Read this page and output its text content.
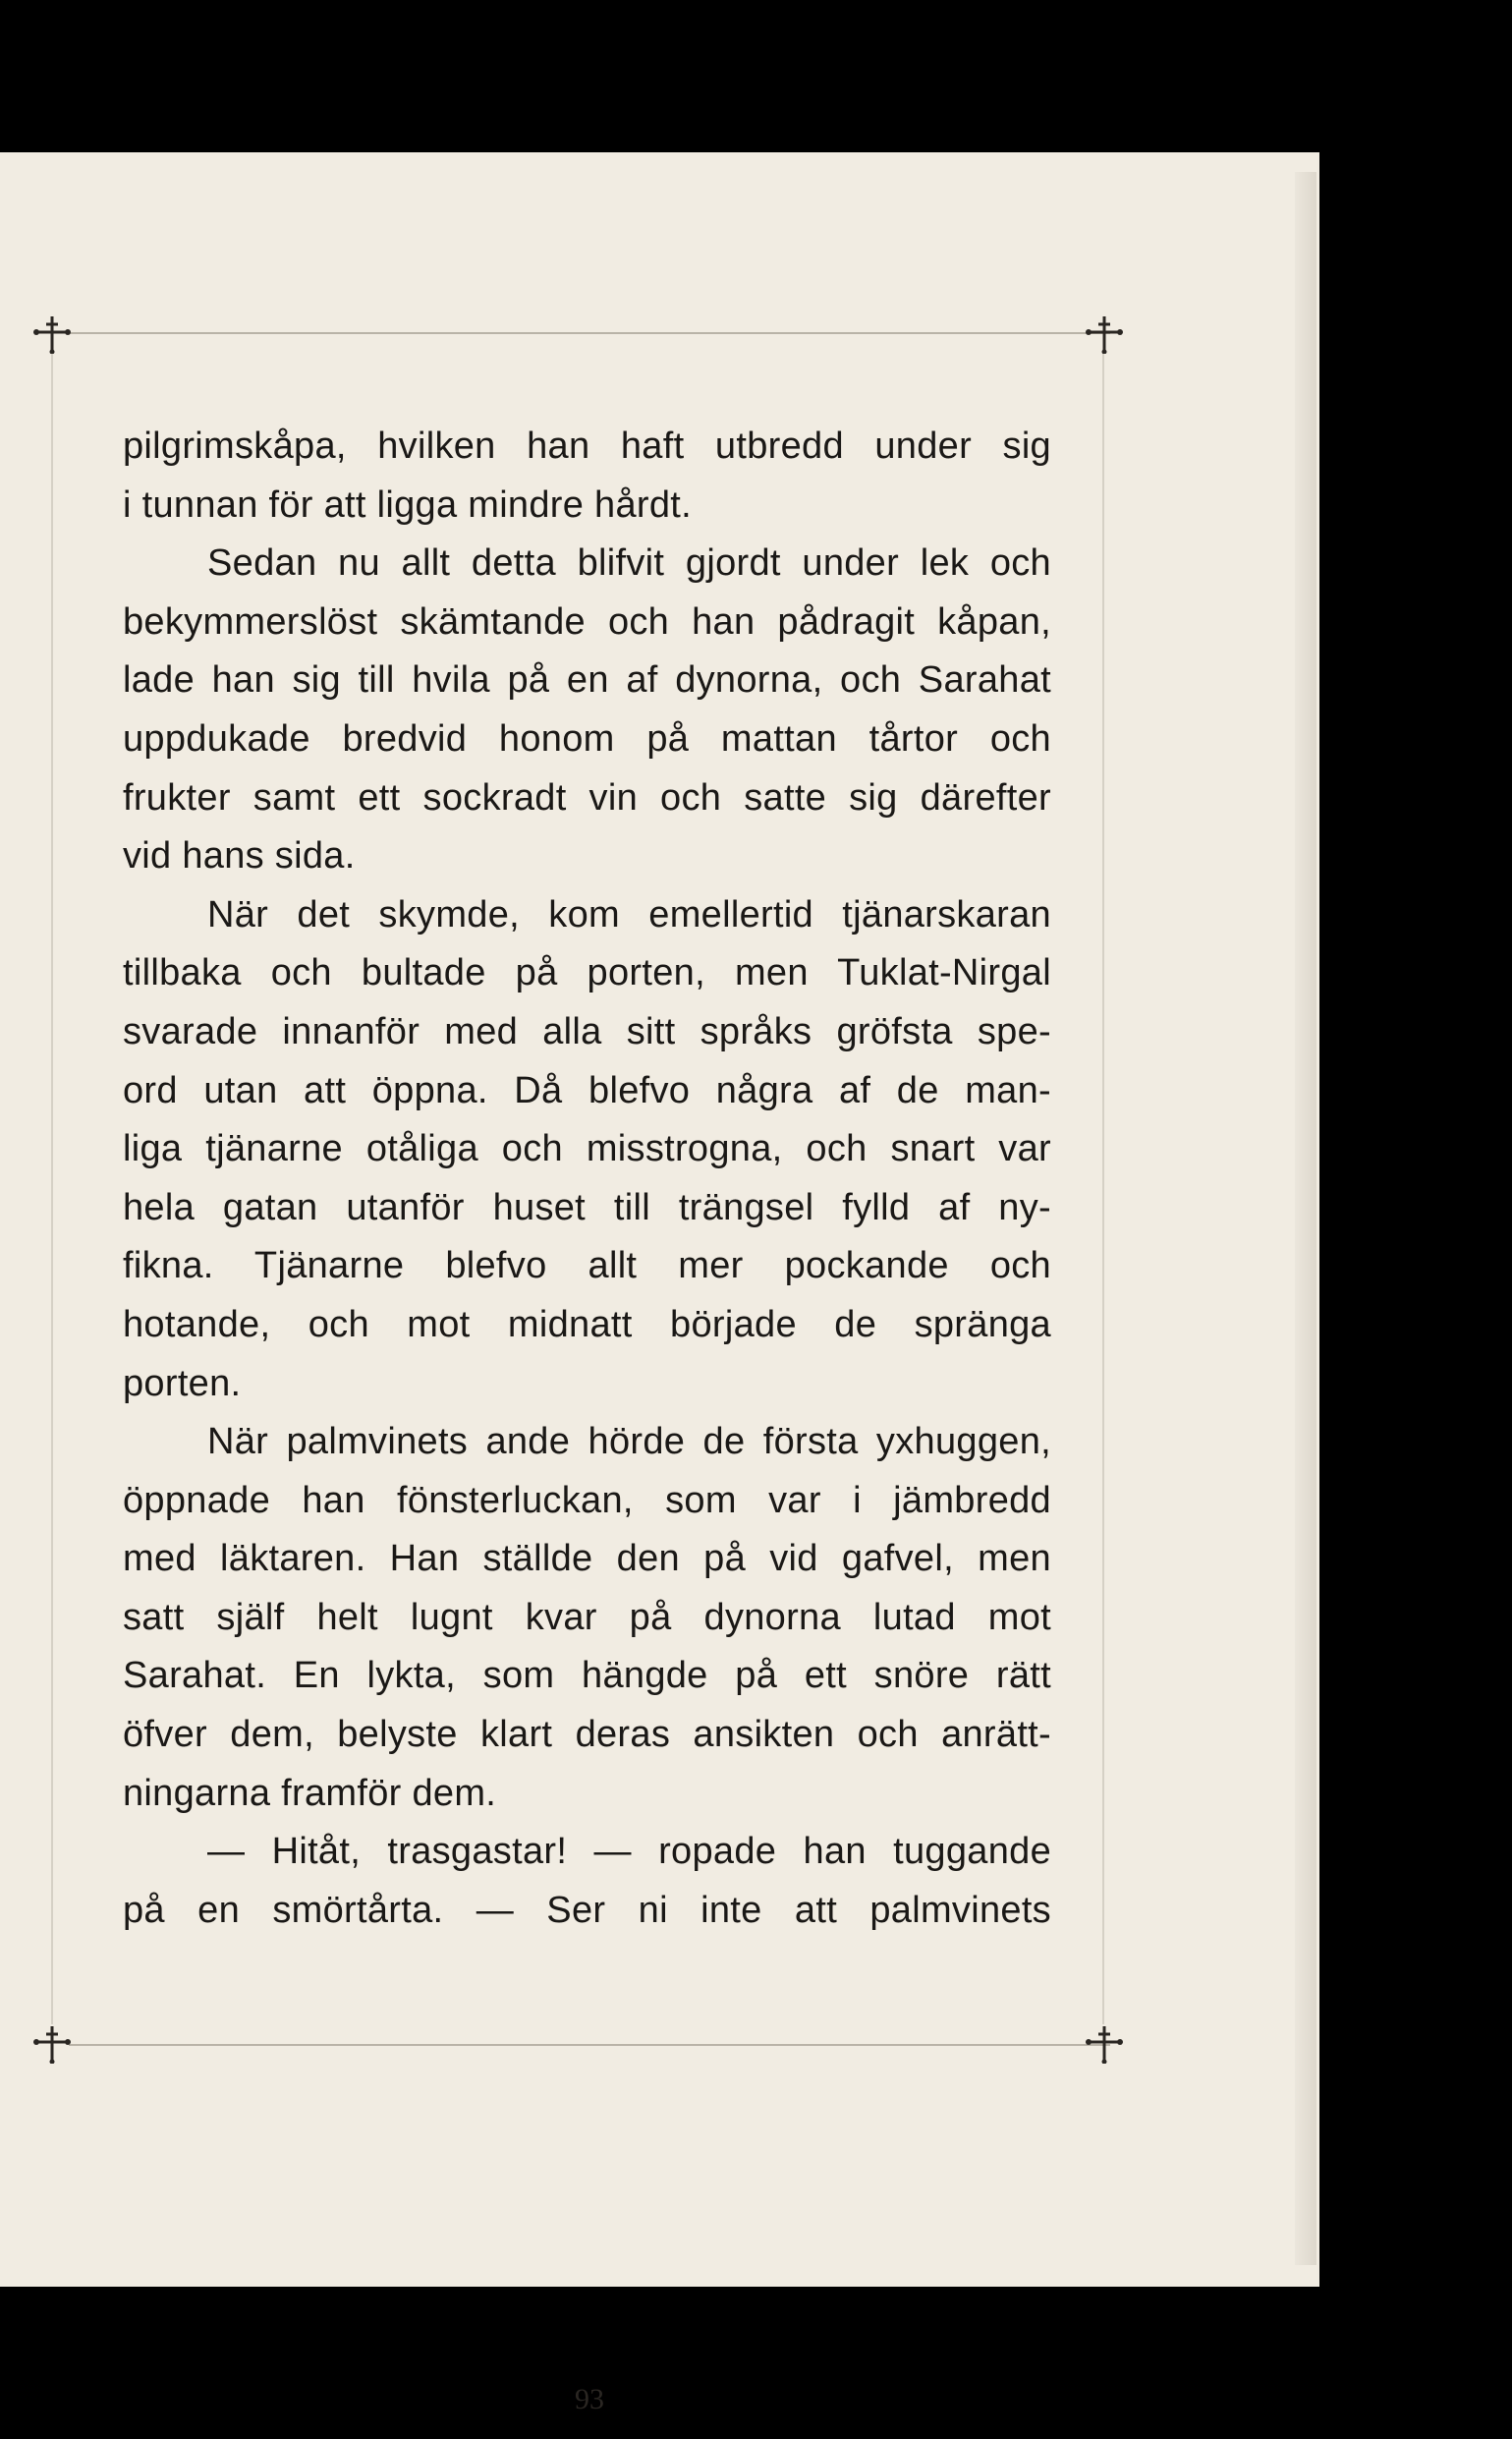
pilgrimskåpa, hvilken han haft utbredd under sig
i tunnan för att ligga mindre hårdt.
Sedan nu allt detta blifvit gjordt under lek och
bekymmerslöst skämtande och han pådragit kåpan,
lade han sig till hvila på en af dynorna, och Sarahat
uppdukade bredvid honom på mattan tårtor och
frukter samt ett sockradt vin och satte sig därefter
vid hans sida.
När det skymde, kom emellertid tjänarskaran
tillbaka och bultade på porten, men Tuklat-Nirgal
svarade innanför med alla sitt språks gröfsta spe-
ord utan att öppna. Då blefvo några af de man-
liga tjänarne otåliga och misstrogna, och snart var
hela gatan utanför huset till trängsel fylld af ny-
fikna. Tjänarne blefvo allt mer pockande och
hotande, och mot midnatt började de spränga
porten.
När palmvinets ande hörde de första yxhuggen,
öppnade han fönsterluckan, som var i jämbredd
med läktaren. Han ställde den på vid gafvel, men
satt själf helt lugnt kvar på dynorna lutad mot
Sarahat. En lykta, som hängde på ett snöre rätt
öfver dem, belyste klart deras ansikten och anrätt-
ningarna framför dem.
— Hitåt, trasgastar! — ropade han tuggande
på en smörtårta. — Ser ni inte att palmvinets
93
